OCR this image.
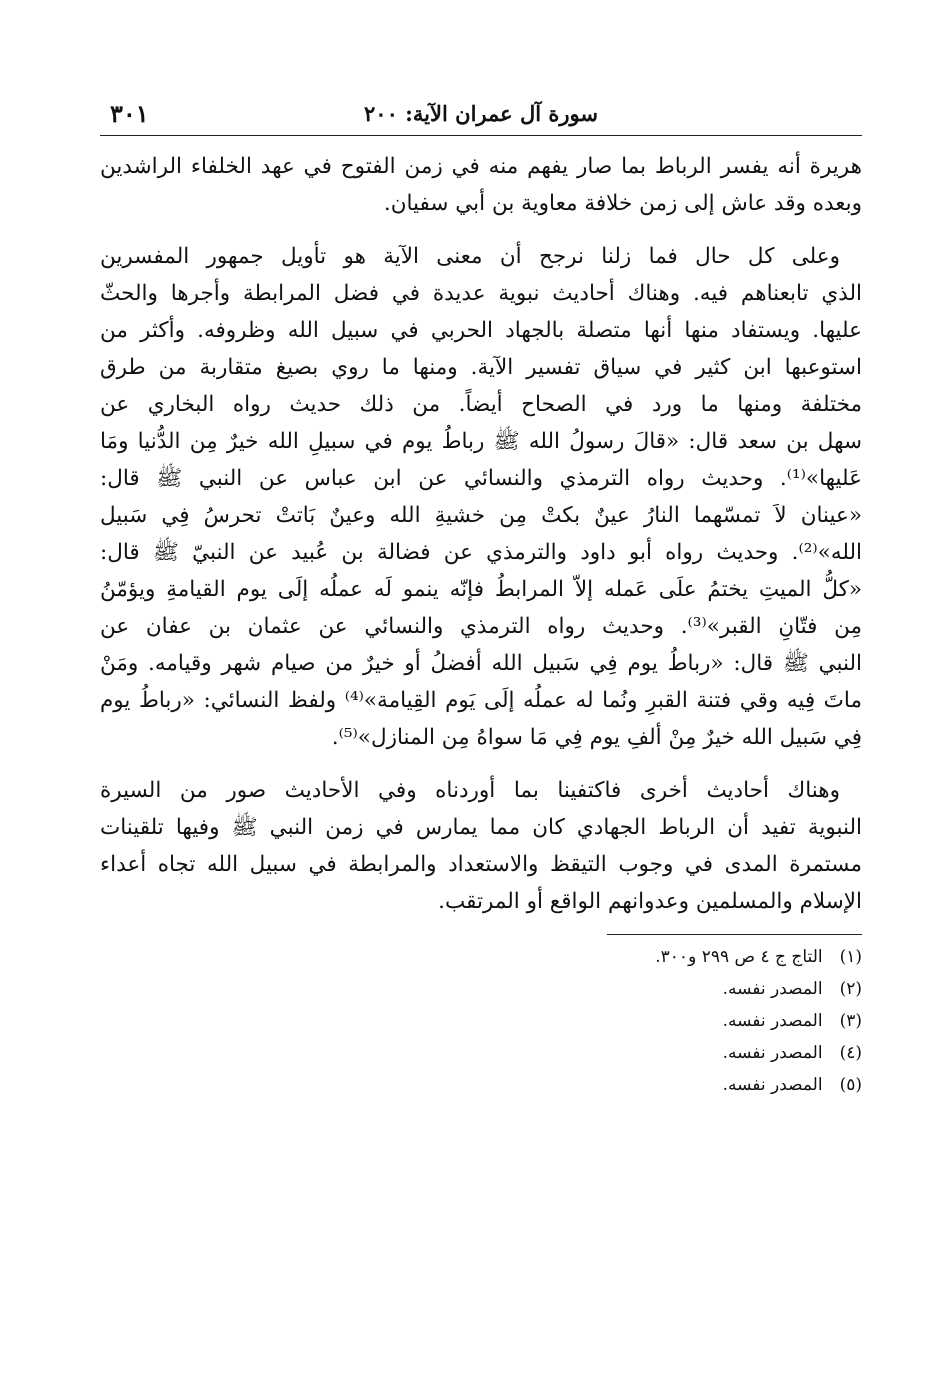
سورة آل عمران الآية: ٢٠٠
٣٠١

هريرة أنه يفسر الرباط بما صار يفهم منه في زمن الفتوح في عهد الخلفاء الراشدين
وبعده وقد عاش إلى زمن خلافة معاوية بن أبي سفيان.

وعلى كل حال فما زلنا نرجح أن معنى الآية هو تأويل جمهور المفسرين
الذي تابعناهم فيه. وهناك أحاديث نبوية عديدة في فضل المرابطة وأجرها والحثّ
عليها. ويستفاد منها أنها متصلة بالجهاد الحربي في سبيل الله وظروفه. وأكثر من
استوعبها ابن كثير في سياق تفسير الآية. ومنها ما روي بصيغ متقاربة من طرق
مختلفة ومنها ما ورد في الصحاح أيضاً. من ذلك حديث رواه البخاري عن
سهل بن سعد قال: «قالَ رسولُ الله ﷺ رباطُ يوم في سبيلِ الله خيرٌ مِن الدُّنيا ومَا
عَليها»⁽¹⁾. وحديث رواه الترمذي والنسائي عن ابن عباس عن النبي ﷺ قال:
«عينان لاَ تمسّهما النارُ عينٌ بكتْ مِن خشيةِ الله وعينٌ بَاتتْ تحرسُ فِي سَبيل
الله»⁽²⁾. وحديث رواه أبو داود والترمذي عن فضالة بن عُبيد عن النبيّ ﷺ قال:
«كلُّ الميتِ يختمُ علَى عَمله إلاّ المرابطُ فإنّه ينمو لَه عملُه إلَى يوم القيامةِ ويؤمّنُ
مِن فتّانِ القبر»⁽³⁾. وحديث رواه الترمذي والنسائي عن عثمان بن عفان عن
النبي ﷺ قال: «رباطُ يوم فِي سَبيل الله أفضلُ أو خيرٌ من صيام شهر وقيامه. ومَنْ
ماتَ فِيه وقي فتنة القبرِ ونُما له عملُه إلَى يَوم القِيامة»⁽⁴⁾ ولفظ النسائي: «رباطُ يوم
فِي سَبيل الله خيرٌ مِنْ ألفِ يوم فِي مَا سواهُ مِن المنازل»⁽⁵⁾.

وهناك أحاديث أخرى فاكتفينا بما أوردناه وفي الأحاديث صور من السيرة
النبوية تفيد أن الرباط الجهادي كان مما يمارس في زمن النبي ﷺ وفيها تلقينات
مستمرة المدى في وجوب التيقظ والاستعداد والمرابطة في سبيل الله تجاه أعداء
الإسلام والمسلمين وعدوانهم الواقع أو المرتقب.

(١) التاج ج ٤ ص ٢٩٩ و٣٠٠.
(٢) المصدر نفسه.
(٣) المصدر نفسه.
(٤) المصدر نفسه.
(٥) المصدر نفسه.
